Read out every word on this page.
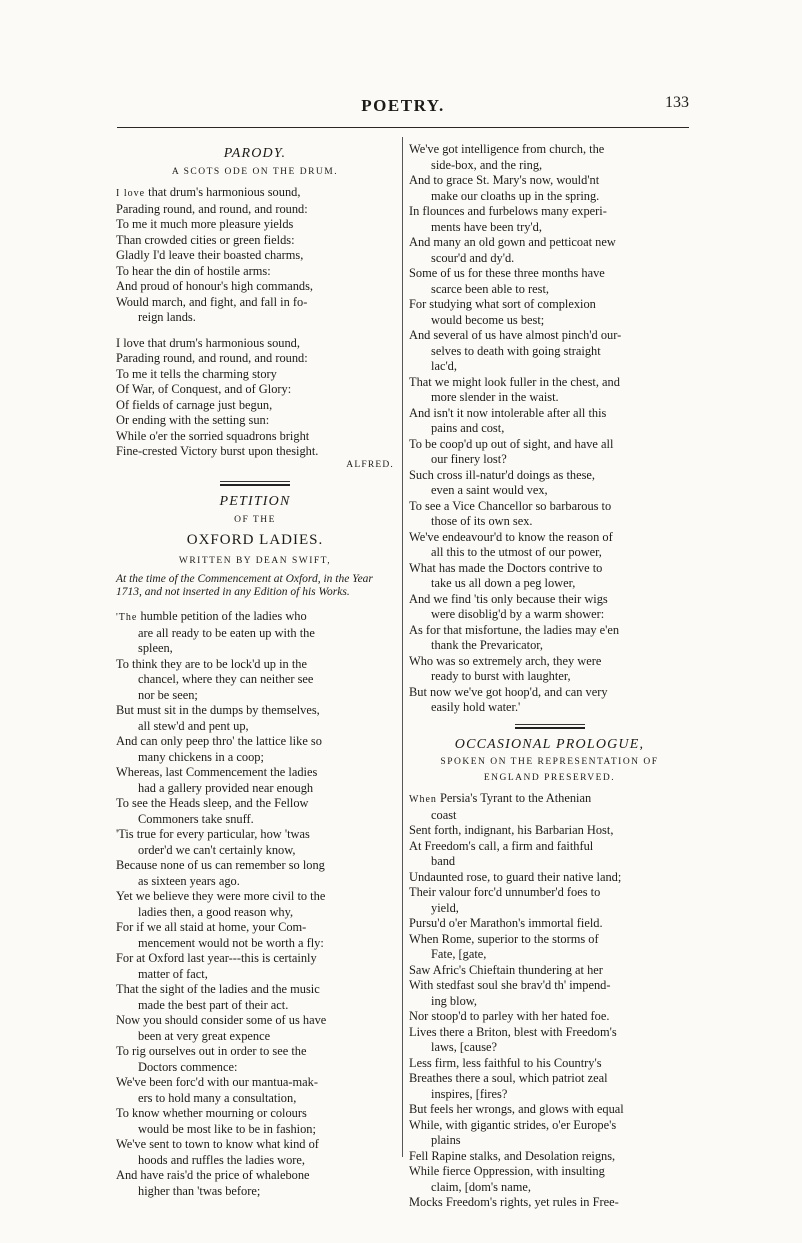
POETRY.	133
PARODY.
A SCOTS ODE ON THE DRUM.
I love that drum's harmonious sound,
Parading round, and round, and round:
To me it much more pleasure yields
Than crowded cities or green fields:
Gladly I'd leave their boasted charms,
To hear the din of hostile arms:
And proud of honour's high commands,
Would march, and fight, and fall in fo-
reign lands.
I love that drum's harmonious sound,
Parading round, and round, and round:
To me it tells the charming story
Of War, of Conquest, and of Glory:
Of fields of carnage just begun,
Or ending with the setting sun:
While o'er the sorried squadrons bright
Fine-crested Victory burst upon thesight.
ALFRED.
PETITION
OF THE
OXFORD LADIES.
WRITTEN BY DEAN SWIFT,
At the time of the Commencement at Oxford, in the Year 1713, and not inserted in any Edition of his Works.
'The humble petition of the ladies who
are all ready to be eaten up with the
spleen,
To think they are to be lock'd up in the
chancel, where they can neither see
nor be seen;
But must sit in the dumps by themselves,
all stew'd and pent up,
And can only peep thro' the lattice like so
many chickens in a coop;
Whereas, last Commencement the ladies
had a gallery provided near enough
To see the Heads sleep, and the Fellow
Commoners take snuff.
'Tis true for every particular, how 'twas
order'd we can't certainly know,
Because none of us can remember so long
as sixteen years ago.
Yet we believe they were more civil to the
ladies then, a good reason why,
For if we all staid at home, your Com-
mencement would not be worth a fly:
For at Oxford last year---this is certainly
matter of fact,
That the sight of the ladies and the music
made the best part of their act.
Now you should consider some of us have
been at very great expence
To rig ourselves out in order to see the
Doctors commence:
We've been forc'd with our mantua-mak-
ers to hold many a consultation,
To know whether mourning or colours
would be most like to be in fashion;
We've sent to town to know what kind of
hoods and ruffles the ladies wore,
And have rais'd the price of whalebone
higher than 'twas before;
We've got intelligence from church, the
side-box, and the ring,
And to grace St. Mary's now, would'nt
make our cloaths up in the spring.
In flounces and furbelows many experi-
ments have been try'd,
And many an old gown and petticoat new
scour'd and dy'd.
Some of us for these three months have
scarce been able to rest,
For studying what sort of complexion
would become us best;
And several of us have almost pinch'd our-
selves to death with going straight
lac'd,
That we might look fuller in the chest, and
more slender in the waist.
And isn't it now intolerable after all this
pains and cost,
To be coop'd up out of sight, and have all
our finery lost?
Such cross ill-natur'd doings as these,
even a saint would vex,
To see a Vice Chancellor so barbarous to
those of its own sex.
We've endeavour'd to know the reason of
all this to the utmost of our power,
What has made the Doctors contrive to
take us all down a peg lower,
And we find 'tis only because their wigs
were disoblig'd by a warm shower:
As for that misfortune, the ladies may e'en
thank the Prevaricator,
Who was so extremely arch, they were
ready to burst with laughter,
But now we've got hoop'd, and can very
easily hold water.'
OCCASIONAL PROLOGUE,
SPOKEN ON THE REPRESENTATION OF
ENGLAND PRESERVED.
When Persia's Tyrant to the Athenian
coast
Sent forth, indignant, his Barbarian Host,
At Freedom's call, a firm and faithful
band
Undaunted rose, to guard their native land;
Their valour forc'd unnumber'd foes to
yield,
Pursu'd o'er Marathon's immortal field.
When Rome, superior to the storms of
Fate, [gate,
Saw Afric's Chieftain thundering at her
With stedfast soul she brav'd th' impend-
ing blow,
Nor stoop'd to parley with her hated foe.
Lives there a Briton, blest with Freedom's
laws, [cause?
Less firm, less faithful to his Country's
Breathes there a soul, which patriot zeal
inspires, [fires?
But feels her wrongs, and glows with equal
While, with gigantic strides, o'er Europe's
plains
Fell Rapine stalks, and Desolation reigns,
While fierce Oppression, with insulting
claim, [dom's name,
Mocks Freedom's rights, yet rules in Free-
